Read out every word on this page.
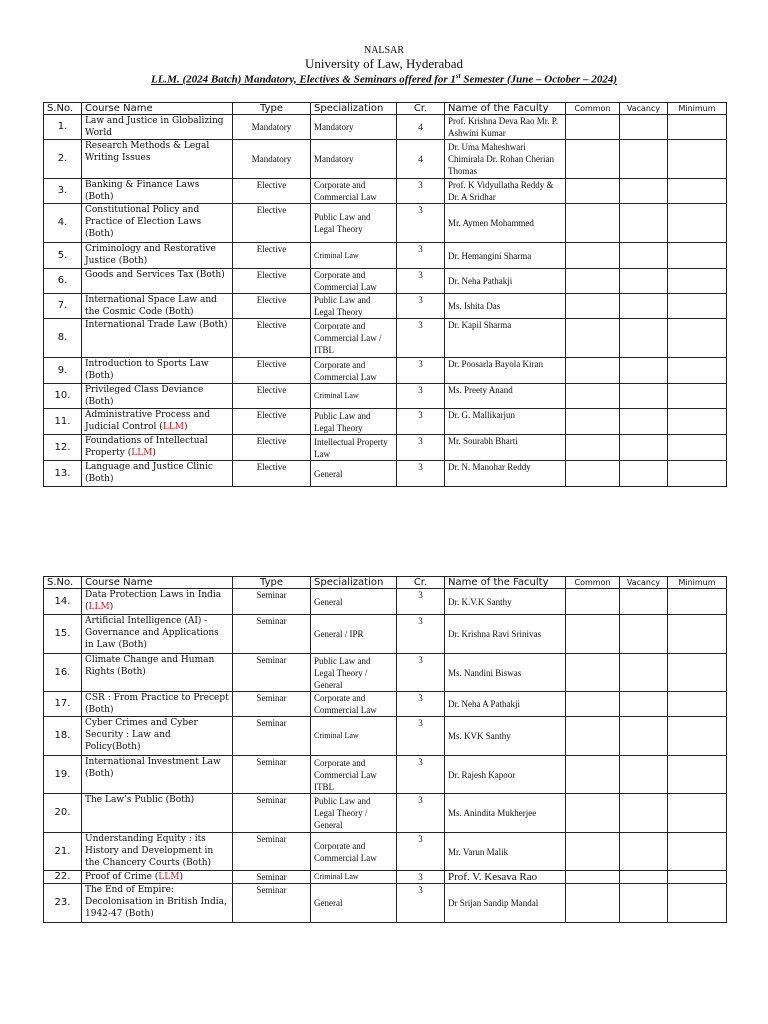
NALSAR
University of Law, Hyderabad
LL.M. (2024 Batch) Mandatory, Electives & Seminars offered for 1st Semester (June – October – 2024)
S.No.	Course Name	Type	Specialization	Cr.	Name of the Faculty	Common	Vacancy	Minimum
1.	Law and Justice in Globalizing World	Mandatory	Mandatory	4	Prof. Krishna Deva Rao Mr. P. Ashwini Kumar			
2.	Research Methods & Legal Writing Issues	Mandatory	Mandatory	4	Dr. Uma Maheshwari Chimirala Dr. Rohan Cherian Thomas			
3.	Banking & Finance Laws (Both)	Elective	Corporate and Commercial Law	3	Prof. K Vidyullatha Reddy & Dr. A Sridhar			
4.	Constitutional Policy and Practice of Election Laws (Both)	Elective	Public Law and Legal Theory	3	Mr. Aymen Mohammed			
5.	Criminology and Restorative Justice (Both)	Elective	Criminal Law	3	Dr. Hemangini Sharma			
6.	Goods and Services Tax (Both)	Elective	Corporate and Commercial Law	3	Dr. Neha Pathakji			
7.	International Space Law and the Cosmic Code (Both)	Elective	Public Law and Legal Theory	3	Ms. Ishita Das			
8.	International Trade Law (Both)	Elective	Corporate and Commercial Law / ITBL	3	Dr. Kapil Sharma			
9.	Introduction to Sports Law (Both)	Elective	Corporate and Commercial Law	3	Dr. Poosarla Bayola Kiran			
10.	Privileged Class Deviance (Both)	Elective	Criminal Law	3	Ms. Preety Anand			
11.	Administrative Process and Judicial Control (LLM)	Elective	Public Law and Legal Theory	3	Dr. G. Mallikarjun			
12.	Foundations of Intellectual Property (LLM)	Elective	Intellectual Property Law	3	Mr. Sourabh Bharti			
13.	Language and Justice Clinic (Both)	Elective	General	3	Dr. N. Manohar Reddy			
S.No.	Course Name	Type	Specialization	Cr.	Name of the Faculty	Common	Vacancy	Minimum
14.	Data Protection Laws in India (LLM)	Seminar	General	3	Dr. K.V.K Santhy			
15.	Artificial Intelligence (AI) - Governance and Applications in Law (Both)	Seminar	General / IPR	3	Dr. Krishna Ravi Srinivas			
16.	Climate Change and Human Rights (Both)	Seminar	Public Law and Legal Theory / General	3	Ms. Nandini Biswas			
17.	CSR : From Practice to Precept (Both)	Seminar	Corporate and Commercial Law	3	Dr. Neha A Pathakji			
18.	Cyber Crimes and Cyber Security : Law and Policy(Both)	Seminar	Criminal Law	3	Ms. KVK Santhy			
19.	International Investment Law (Both)	Seminar	Corporate and Commercial Law ITBL	3	Dr. Rajesh Kapoor			
20.	The Law’s Public (Both)	Seminar	Public Law and Legal Theory / General	3	Ms. Anindita Mukherjee			
21.	Understanding Equity : its History and Development in the Chancery Courts (Both)	Seminar	Corporate and Commercial Law	3	Mr. Varun Malik			
22.	Proof of Crime (LLM)	Seminar	Criminal Law	3	Prof. V. Kesava Rao			
23.	The End of Empire: Decolonisation in British India, 1942-47 (Both)	Seminar	General	3	Dr Srijan Sandip Mandal			
